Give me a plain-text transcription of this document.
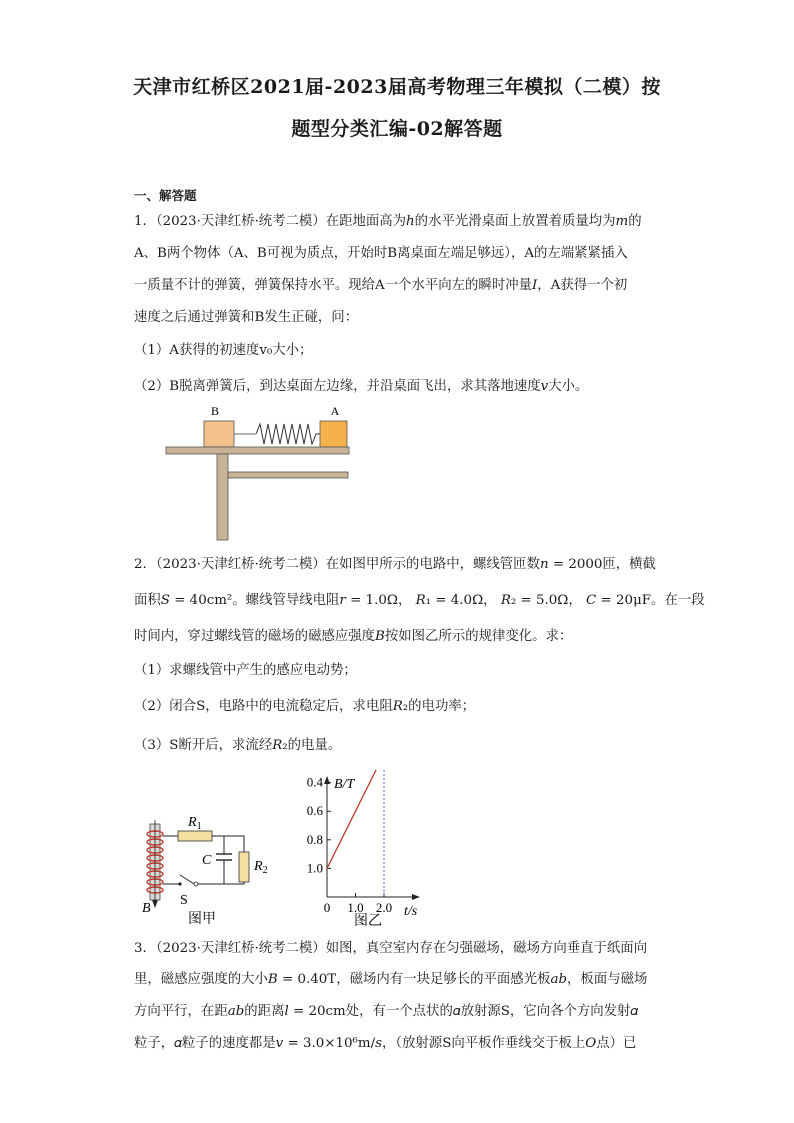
天津市红桥区2021届-2023届高考物理三年模拟（二模）按
题型分类汇编-02解答题
一、解答题
1．（2023·天津红桥·统考二模）在距地面高为ℎ的水平光滑桌面上放置着质量均为𝑚的
A、B两个物体（A、B可视为质点，开始时B离桌面左端足够远），A的左端紧紧插入
一质量不计的弹簧，弹簧保持水平。现给A一个水平向左的瞬时冲量𝐼，A获得一个初
速度之后通过弹簧和B发生正碰，问：
（1）A获得的初速度v₀大小；
（2）B脱离弹簧后，到达桌面左边缘，并沿桌面飞出，求其落地速度𝑣大小。
B	A
2．（2023·天津红桥·统考二模）在如图甲所示的电路中，螺线管匝数𝑛 = 2000匝，横截
面积𝑆 = 40cm²。螺线管导线电阻𝑟 = 1.0Ω， 𝑅₁ = 4.0Ω， 𝑅₂ = 5.0Ω， 𝐶 = 20μF。在一段
时间内，穿过螺线管的磁场的磁感应强度𝐵按如图乙所示的规律变化。求：
（1）求螺线管中产生的感应电动势；
（2）闭合S，电路中的电流稳定后，求电阻𝑅₂的电功率；
（3）S断开后，求流经𝑅₂的电量。
B
$R_1$
C	$R_2$
S
图甲
B/T
t/s
1.0
0.8
0.6
0.4
0 1.0 2.0
图乙
3．（2023·天津红桥·统考二模）如图，真空室内存在匀强磁场，磁场方向垂直于纸面向
里，磁感应强度的大小𝐵 = 0.40T，磁场内有一块足够长的平面感光板𝑎𝑏，板面与磁场
方向平行，在距𝑎𝑏的距离𝑙 = 20cm处，有一个点状的𝛼放射源S，它向各个方向发射𝛼
粒子，𝛼粒子的速度都是𝑣 = 3.0×10⁶m/𝑠，（放射源S向平板作垂线交于板上𝑂点）已
